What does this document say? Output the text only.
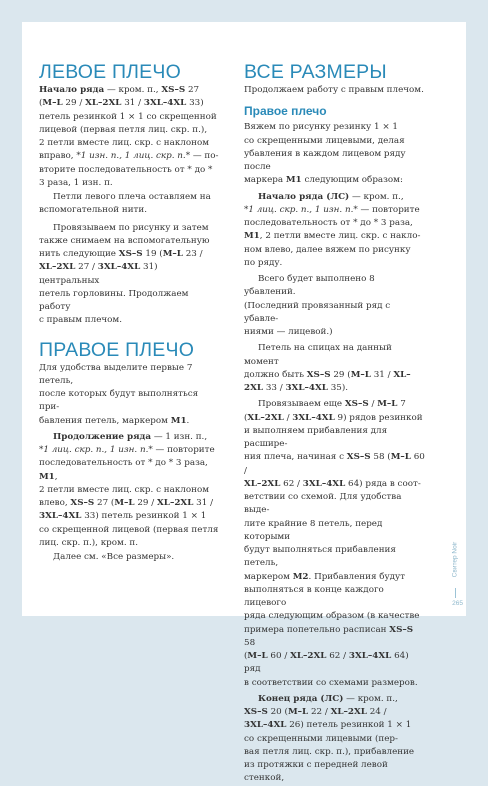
ЛЕВОЕ ПЛЕЧО

Начало ряда — кром. п., XS–S 27

(M–L 29 / XL–2XL 31 / 3XL–4XL 33)

петель резинкой 1 × 1 со скрещенной

лицевой (первая петля лиц. скр. п.),

2 петли вместе лиц. скр. с наклоном

вправо, *1 изн. п., 1 лиц. скр. п.* — по-

вторите последовательность от * до *

3 раза, 1 изн. п.

Петли левого плеча оставляем на

вспомогательной нити.

Провязываем по рисунку и затем

также снимаем на вспомогательную

нить следующие XS–S 19 (M–L 23 /

XL–2XL 27 / 3XL–4XL 31) центральных

петель горловины. Продолжаем работу

с правым плечом.

ПРАВОЕ ПЛЕЧО

Для удобства выделите первые 7 петель,

после которых будут выполняться при-

бавления петель, маркером M1.

Продолжение ряда — 1 изн. п.,

*1 лиц. скр. п., 1 изн. п.* — повторите

последовательность от * до * 3 раза, M1,

2 петли вместе лиц. скр. с наклоном

влево, XS–S 27 (M–L 29 / XL–2XL 31 /

3XL–4XL 33) петель резинкой 1 × 1

со скрещенной лицевой (первая петля

лиц. скр. п.), кром. п.

Далее см. «Все размеры».

ВСЕ РАЗМЕРЫ

Продолжаем работу с правым плечом.

Правое плечо

Вяжем по рисунку резинку 1 × 1

со скрещенными лицевыми, делая

убавления в каждом лицевом ряду после

маркера M1 следующим образом:

Начало ряда (ЛС) — кром. п.,

*1 лиц. скр. п., 1 изн. п.* — повторите

последовательность от * до * 3 раза,

M1, 2 петли вместе лиц. скр. с накло-

ном влево, далее вяжем по рисунку

по ряду.

Всего будет выполнено 8 убавлений.

(Последний провязанный ряд с убавле-

ниями — лицевой.)

Петель на спицах на данный момент

должно быть XS–S 29 (M–L 31 / XL–

2XL 33 / 3XL–4XL 35).

Провязываем еще XS–S / M–L 7

(XL–2XL / 3XL–4XL 9) рядов резинкой

и выполняем прибавления для расшире-

ния плеча, начиная с XS–S 58 (M–L 60 /

XL–2XL 62 / 3XL–4XL 64) ряда в соот-

ветствии со схемой. Для удобства выде-

лите крайние 8 петель, перед которыми

будут выполняться прибавления петель,

маркером M2. Прибавления будут

выполняться в конце каждого лицевого

ряда следующим образом (в качестве

примера попетельно расписан XS–S 58

(M–L 60 / XL–2XL 62 / 3XL–4XL 64) ряд

в соответствии со схемами размеров.

Конец ряда (ЛС) — кром. п.,

XS–S 20 (M–L 22 / XL–2XL 24 /

3XL–4XL 26) петель резинкой 1 × 1

со скрещенными лицевыми (пер-

вая петля лиц. скр. п.), прибавление

из протяжки с передней левой стенкой,

Свитер Noir
265
